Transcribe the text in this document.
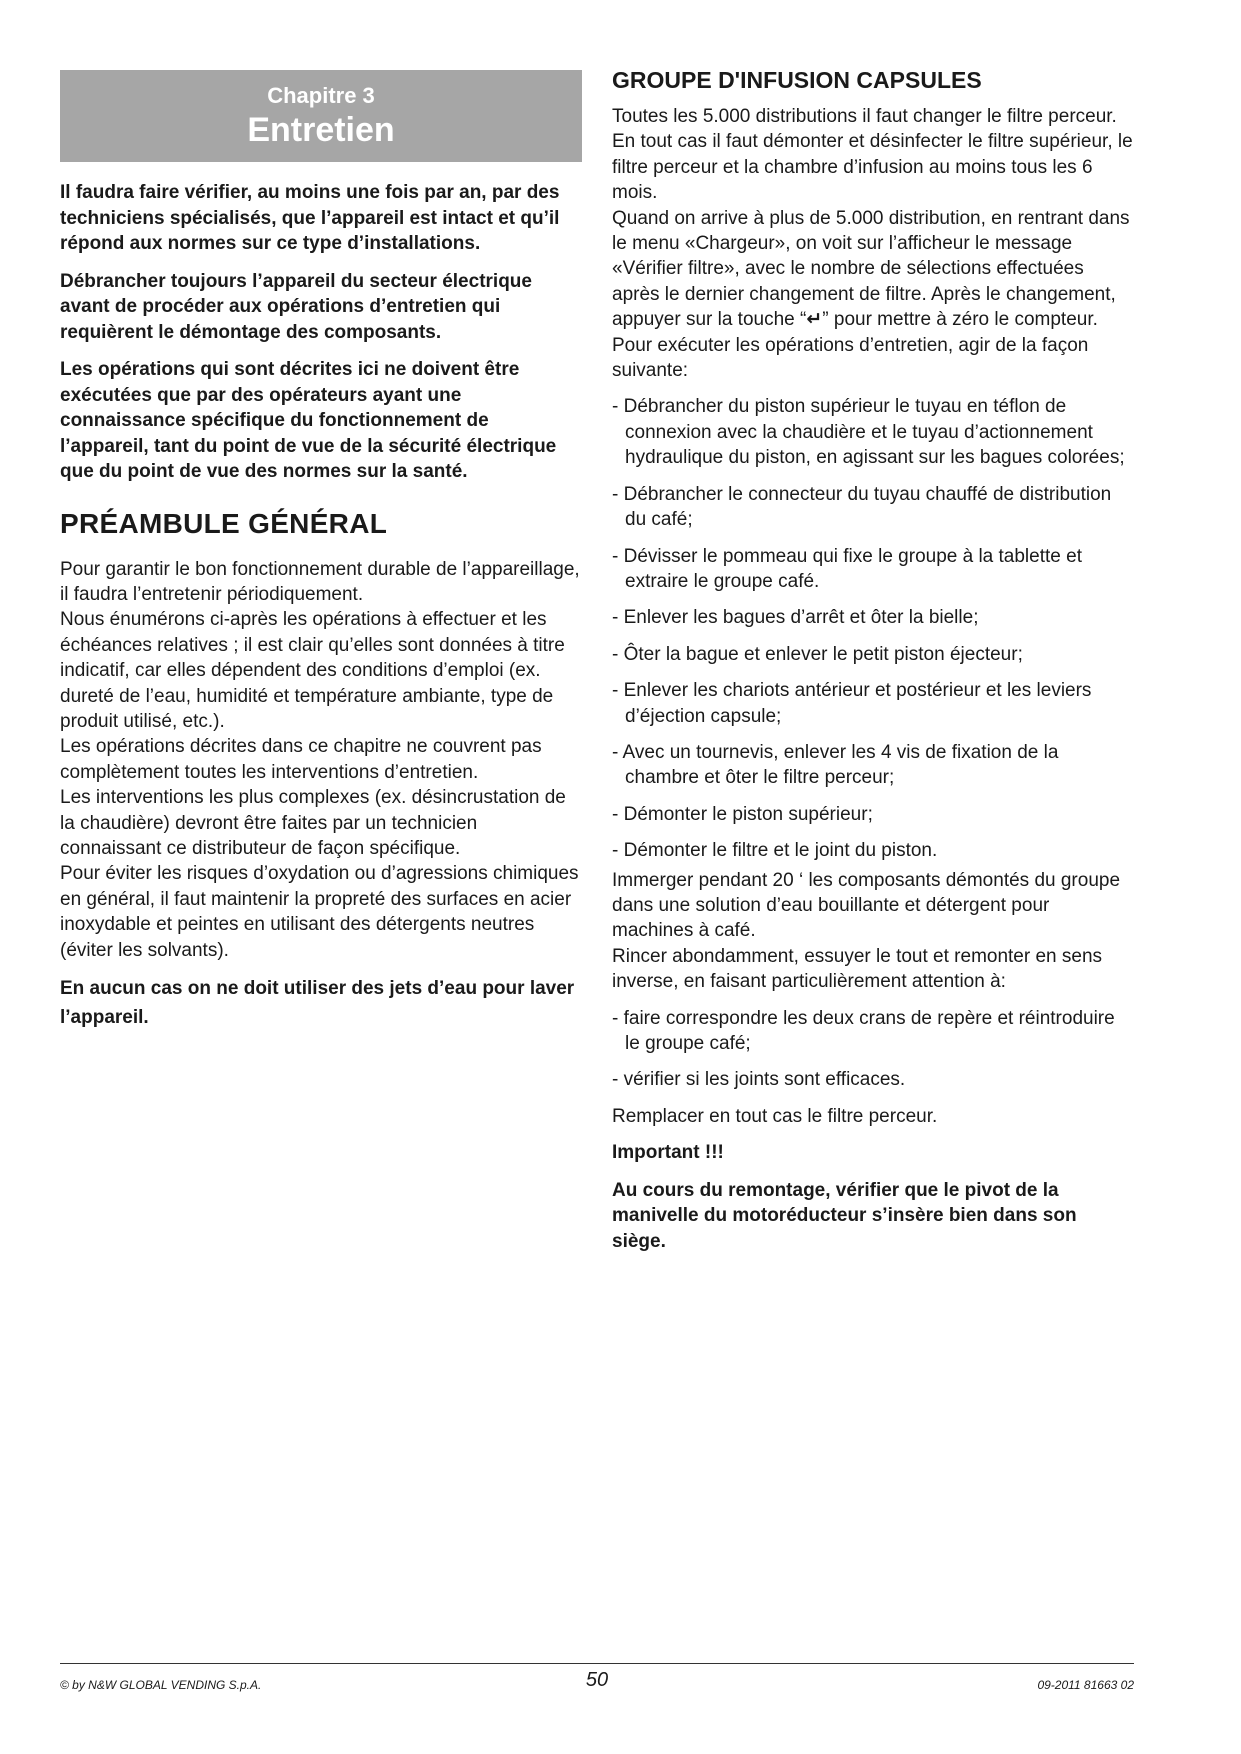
Chapitre 3
Entretien

Il faudra faire vérifier, au moins une fois par an, par des techniciens spécialisés, que l’appareil est intact et qu’il répond aux normes sur ce type d’installations.

Débrancher toujours l’appareil du secteur électrique avant de procéder aux opérations d’entretien qui requièrent le démontage des composants.

Les opérations qui sont décrites ici ne doivent être exécutées que par des opérateurs ayant une connaissance spécifique du fonctionnement de l’appareil, tant du point de vue de la sécurité électrique que du point de vue des normes sur la santé.

PRÉAMBULE GÉNÉRAL

Pour garantir le bon fonctionnement durable de l’appareillage, il faudra l’entretenir périodiquement.

Nous énumérons ci-après les opérations à effectuer et les échéances relatives ; il est clair qu’elles sont données à titre indicatif, car elles dépendent des conditions d’emploi (ex. dureté de l’eau, humidité et température ambiante, type de produit utilisé, etc.).

Les opérations décrites dans ce chapitre ne couvrent pas complètement toutes les interventions d’entretien.

Les interventions les plus complexes (ex. désincrustation de la chaudière) devront être faites par un technicien connaissant ce distributeur de façon spécifique.

Pour éviter les risques d’oxydation ou d’agressions chimiques en général, il faut maintenir la propreté des surfaces en acier inoxydable et peintes en utilisant des détergents neutres (éviter les solvants).

En aucun cas on ne doit utiliser des jets d’eau pour laver l’appareil.

GROUPE D'INFUSION CAPSULES

Toutes les 5.000 distributions il faut changer le filtre perceur.

En tout cas il faut démonter et désinfecter le filtre supérieur, le filtre perceur et la chambre d’infusion au moins tous les 6 mois.

Quand on arrive à plus de 5.000 distribution, en rentrant dans le menu «Chargeur», on voit sur l’afficheur le message «Vérifier filtre», avec le nombre de sélections effectuées après le dernier changement de filtre. Après le changement, appuyer sur la touche “↵” pour mettre à zéro le compteur.

Pour exécuter les opérations d’entretien, agir de la façon suivante:

- Débrancher du piston supérieur le tuyau en téflon de connexion avec la chaudière et le tuyau d’actionnement hydraulique du piston, en agissant sur les bagues colorées;
- Débrancher le connecteur du tuyau chauffé de distribution du café;
- Dévisser le pommeau qui fixe le groupe à la tablette et extraire le groupe café.
- Enlever les bagues d’arrêt et ôter la bielle;
- Ôter la bague et enlever le petit piston éjecteur;
- Enlever les chariots antérieur et postérieur et les leviers d’éjection capsule;
- Avec un tournevis, enlever les 4 vis de fixation de la chambre et ôter le filtre perceur;
- Démonter le piston supérieur;
- Démonter le filtre et le joint du piston.

Immerger pendant 20 ‘ les composants démontés du groupe dans une solution d’eau bouillante et détergent pour machines à café.

Rincer abondamment, essuyer le tout et remonter en sens inverse, en faisant particulièrement attention à:

- faire correspondre les deux crans de repère et réintroduire le groupe café;
- vérifier si les joints sont efficaces.

Remplacer en tout cas le filtre perceur.

Important !!!

Au cours du remontage, vérifier que le pivot de la manivelle du motoréducteur s’insère bien dans son siège.

© by N&W GLOBAL VENDING S.p.A.	50	09-2011 81663 02
